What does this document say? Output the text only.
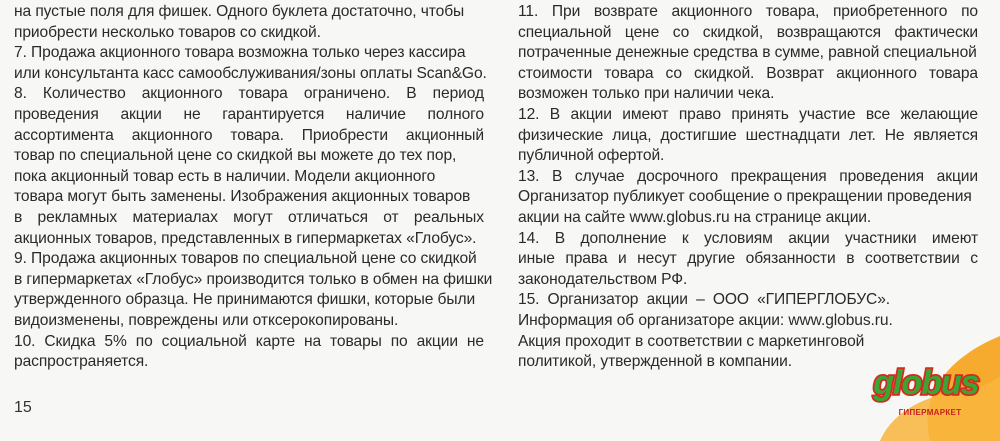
на пустые поля для фишек. Одного буклета достаточно, чтобы
приобрести несколько товаров со скидкой.
7. Продажа акционного товара возможна только через кассира
или консультанта касс самообслуживания/зоны оплаты Scan&Go.
8. Количество акционного товара ограничено. В период
проведения акции не гарантируется наличие полного
ассортимента акционного товара. Приобрести акционный
товар по специальной цене со скидкой вы можете до тех пор,
пока акционный товар есть в наличии. Модели акционного
товара могут быть заменены. Изображения акционных товаров
в рекламных материалах могут отличаться от реальных
акционных товаров, представленных в гипермаркетах «Глобус».
9. Продажа акционных товаров по специальной цене со скидкой
в гипермаркетах «Глобус» производится только в обмен на фишки
утвержденного образца. Не принимаются фишки, которые были
видоизменены, повреждены или отксерокопированы.
10. Скидка 5% по социальной карте на товары по акции не
распространяется.
11. При возврате акционного товара, приобретенного по
специальной цене со скидкой, возвращаются фактически
потраченные денежные средства в сумме, равной специальной
стоимости товара со скидкой. Возврат акционного товара
возможен только при наличии чека.
12. В акции имеют право принять участие все желающие
физические лица, достигшие шестнадцати лет. Не является
публичной офертой.
13. В случае досрочного прекращения проведения акции
Организатор публикует сообщение о прекращении проведения
акции на сайте www.globus.ru на странице акции.
14. В дополнение к условиям акции участники имеют
иные права и несут другие обязанности в соответствии с
законодательством РФ.
15. Организатор акции – ООО «ГИПЕРГЛОБУС».
Информация об организаторе акции: www.globus.ru.
Акция проходит в соответствии с маркетинговой
политикой, утвержденной в компании.
15
globus
ГИПЕРМАРКЕТ
